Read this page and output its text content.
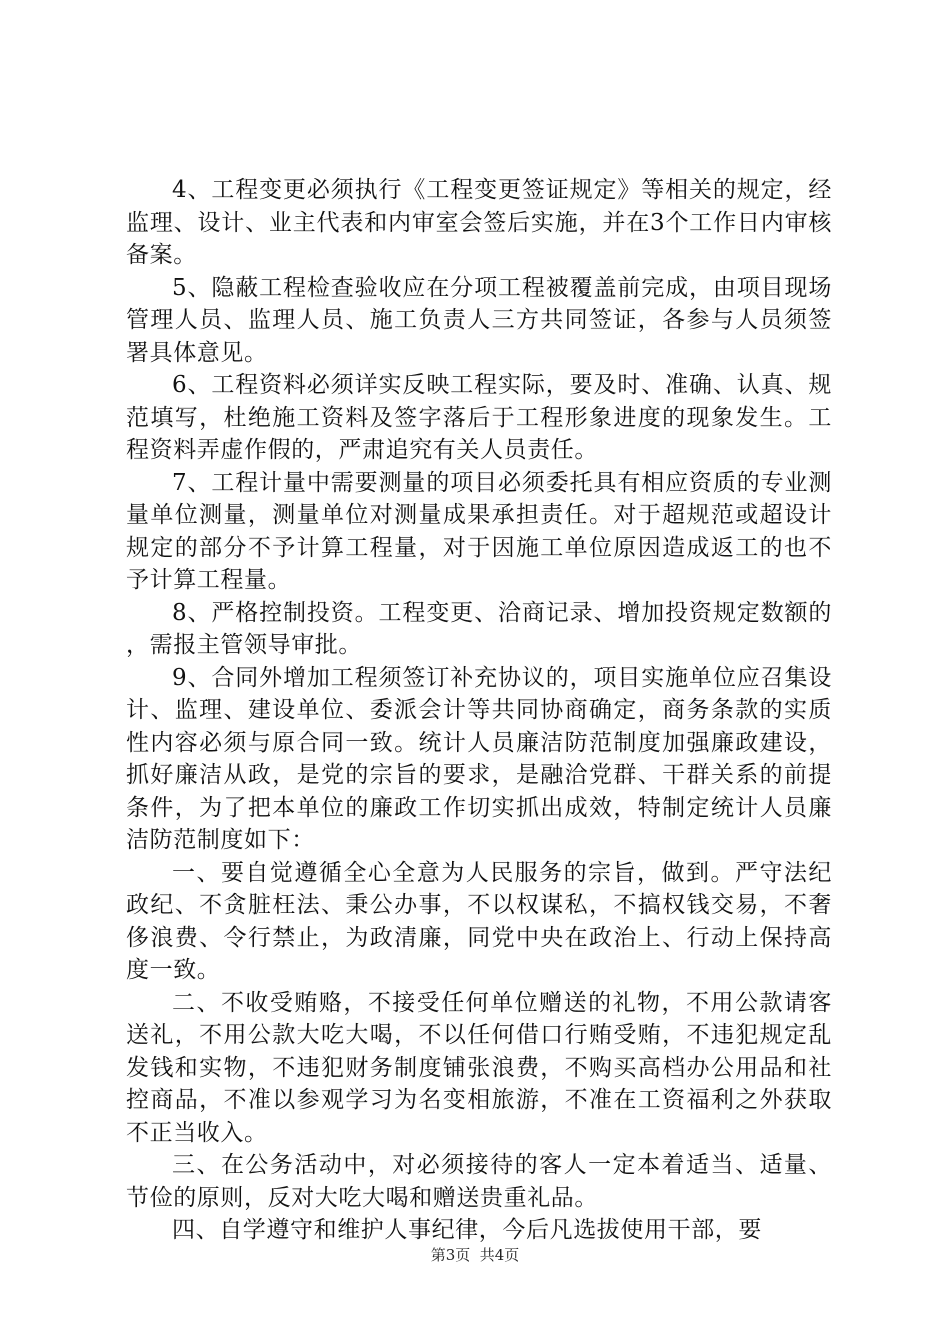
4、工程变更必须执行《工程变更签证规定》等相关的规定，经监理、设计、业主代表和内审室会签后实施，并在3个工作日内审核备案。

5、隐蔽工程检查验收应在分项工程被覆盖前完成，由项目现场管理人员、监理人员、施工负责人三方共同签证，各参与人员须签署具体意见。

6、工程资料必须详实反映工程实际，要及时、准确、认真、规范填写，杜绝施工资料及签字落后于工程形象进度的现象发生。工程资料弄虚作假的，严肃追究有关人员责任。

7、工程计量中需要测量的项目必须委托具有相应资质的专业测量单位测量，测量单位对测量成果承担责任。对于超规范或超设计规定的部分不予计算工程量，对于因施工单位原因造成返工的也不予计算工程量。

8、严格控制投资。工程变更、洽商记录、增加投资规定数额的，需报主管领导审批。

9、合同外增加工程须签订补充协议的，项目实施单位应召集设计、监理、建设单位、委派会计等共同协商确定，商务条款的实质性内容必须与原合同一致。统计人员廉洁防范制度加强廉政建设，抓好廉洁从政，是党的宗旨的要求，是融洽党群、干群关系的前提条件，为了把本单位的廉政工作切实抓出成效，特制定统计人员廉洁防范制度如下：

一、要自觉遵循全心全意为人民服务的宗旨，做到。严守法纪政纪、不贪脏枉法、秉公办事，不以权谋私，不搞权钱交易，不奢侈浪费、令行禁止，为政清廉，同党中央在政治上、行动上保持高度一致。

二、不收受贿赂，不接受任何单位赠送的礼物，不用公款请客送礼，不用公款大吃大喝，不以任何借口行贿受贿，不违犯规定乱发钱和实物，不违犯财务制度铺张浪费，不购买高档办公用品和社控商品，不准以参观学习为名变相旅游，不准在工资福利之外获取不正当收入。

三、在公务活动中，对必须接待的客人一定本着适当、适量、节俭的原则，反对大吃大喝和赠送贵重礼品。

四、自学遵守和维护人事纪律，今后凡选拔使用干部，要

第3页  共4页
